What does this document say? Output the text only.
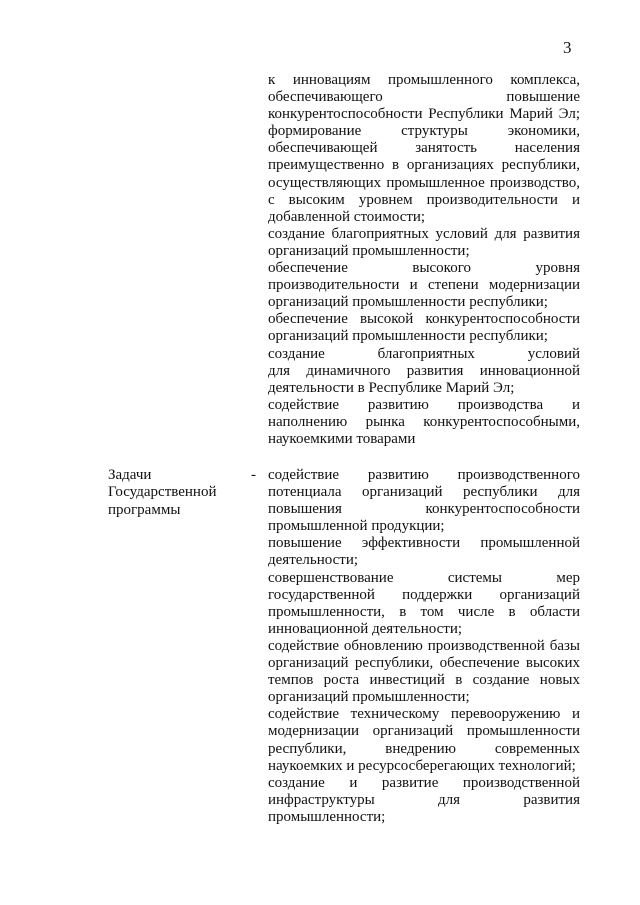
3
к инновациям промышленного комплекса,
обеспечивающего повышение
конкурентоспособности Республики Марий Эл;
формирование структуры экономики,
обеспечивающей занятость населения
преимущественно в организациях республики,
осуществляющих промышленное производство,
с высоким уровнем производительности и
добавленной стоимости;
создание благоприятных условий для развития
организаций промышленности;
обеспечение высокого уровня
производительности и степени модернизации
организаций промышленности республики;
обеспечение высокой конкурентоспособности
организаций промышленности республики;
создание благоприятных условий
для динамичного развития инновационной
деятельности в Республике Марий Эл;
содействие развитию производства и
наполнению рынка конкурентоспособными,
наукоемкими товарами
Задачи
Государственной
программы
- содействие развитию производственного
потенциала организаций республики для
повышения конкурентоспособности
промышленной продукции;
повышение эффективности промышленной
деятельности;
совершенствование системы мер
государственной поддержки организаций
промышленности, в том числе в области
инновационной деятельности;
содействие обновлению производственной базы
организаций республики, обеспечение высоких
темпов роста инвестиций в создание новых
организаций промышленности;
содействие техническому перевооружению и
модернизации организаций промышленности
республики, внедрению современных
наукоемких и ресурсосберегающих технологий;
создание и развитие производственной
инфраструктуры для развития
промышленности;
